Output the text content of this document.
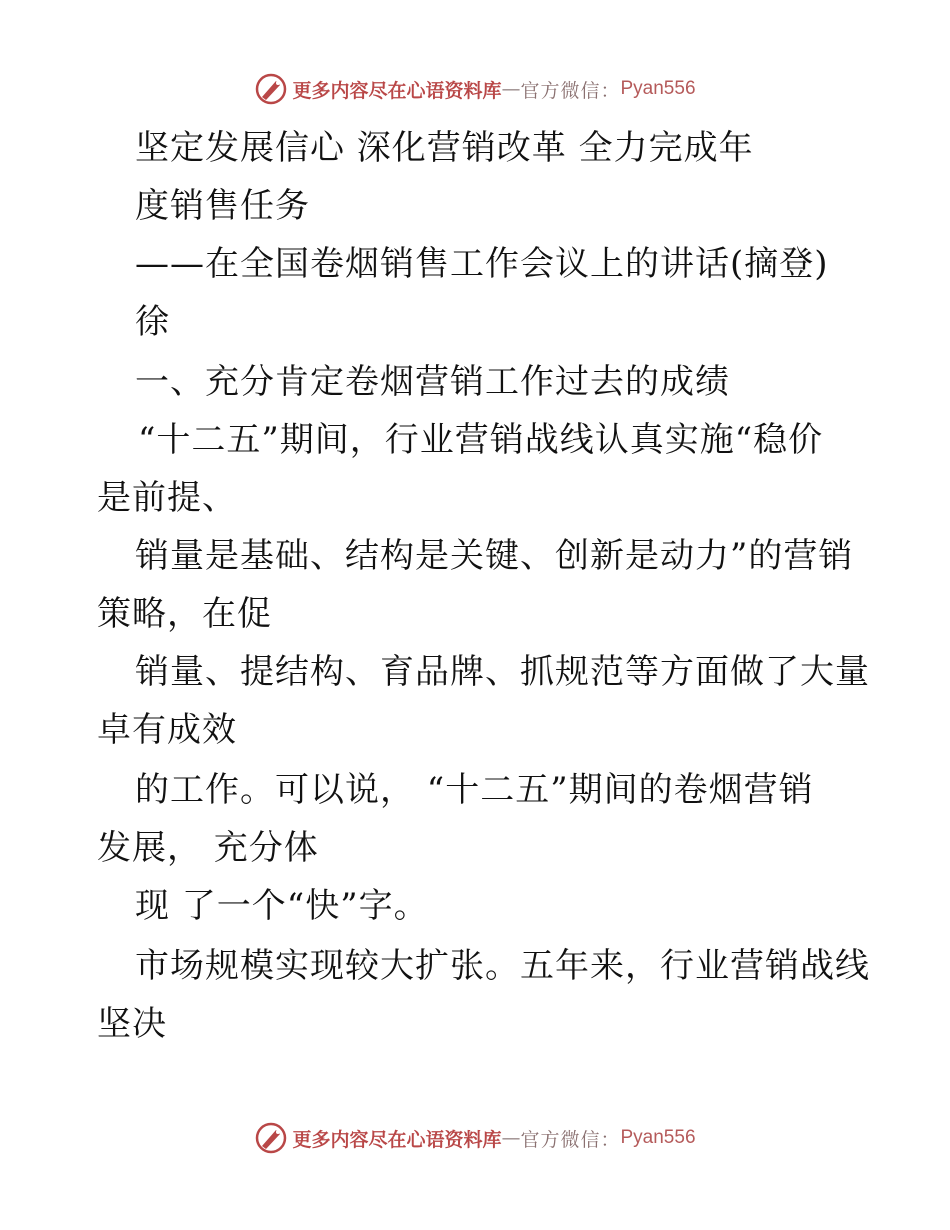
更多内容尽在心语资料库 — 官方微信： Pyan556
坚定发展信心 深化营销改革 全力完成年
度销售任务
——在全国卷烟销售工作会议上的讲话(摘登)
徐
一、充分肯定卷烟营销工作过去的成绩
“十二五”期间，行业营销战线认真实施“稳价
是前提、
销量是基础、结构是关键、创新是动力”的营销
策略，在促
销量、提结构、育品牌、抓规范等方面做了大量
卓有成效
的工作。可以说， “十二五”期间的卷烟营销
发展， 充分体
现 了一个“快”字。
市场规模实现较大扩张。五年来，行业营销战线
坚决
更多内容尽在心语资料库 — 官方微信： Pyan556
